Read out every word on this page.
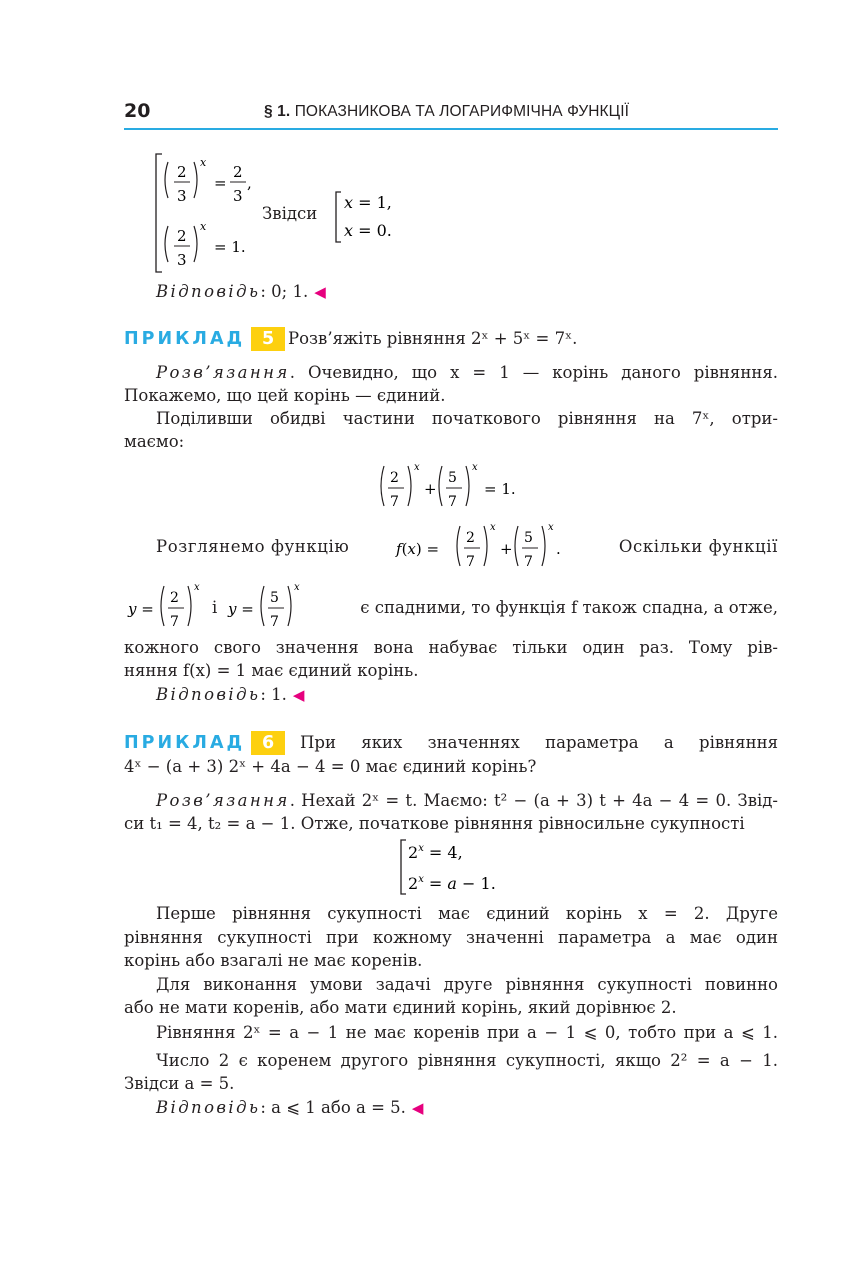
20	§ 1. ПОКАЗНИКОВА ТА ЛОГАРИФМІЧНА ФУНКЦІЇ
2
3
x
=
2
3
,
2
3
x
= 1.
x = 1,
x = 0.
Звідси
Відповідь: 0; 1. ◀
ПРИКЛАД 5 Розв’яжіть рівняння 2ˣ + 5ˣ = 7ˣ.
Розв’язання. Очевидно, що x = 1 — корінь даного рівняння.
Покажемо, що цей корінь — єдиний.
Поділивши обидві частини початкового рівняння на 7ˣ, отри-
маємо:
2
7
x
+
5
7
x
= 1.
Розглянемо функцію	f(x) =
2
7
x
+
5
7
x
.	Оскільки функції
y =
2
7
x
y =
5
7
x
і	є спадними, то функція f також спадна, а отже,
кожного свого значення вона набуває тільки один раз. Тому рів-
няння f(x) = 1 має єдиний корінь.
Відповідь: 1. ◀
ПРИКЛАД 6	При яких значеннях параметра a рівняння
4ˣ − (a + 3) 2ˣ + 4a − 4 = 0 має єдиний корінь?
Розв’язання. Нехай 2ˣ = t. Маємо: t² − (a + 3) t + 4a − 4 = 0. Звід-
си t₁ = 4, t₂ = a − 1. Отже, початкове рівняння рівносильне сукупності
$2^x = 4$,
$2^x = a - 1$.
Перше рівняння сукупності має єдиний корінь x = 2. Друге
рівняння сукупності при кожному значенні параметра a має один
корінь або взагалі не має коренів.
Для виконання умови задачі друге рівняння сукупності повинно
або не мати коренів, або мати єдиний корінь, який дорівнює 2.
Рівняння 2ˣ = a − 1 не має коренів при a − 1 ⩽ 0, тобто при a ⩽ 1.
Число 2 є коренем другого рівняння сукупності, якщо 2² = a − 1.
Звідси a = 5.
Відповідь: a ⩽ 1 або a = 5. ◀
